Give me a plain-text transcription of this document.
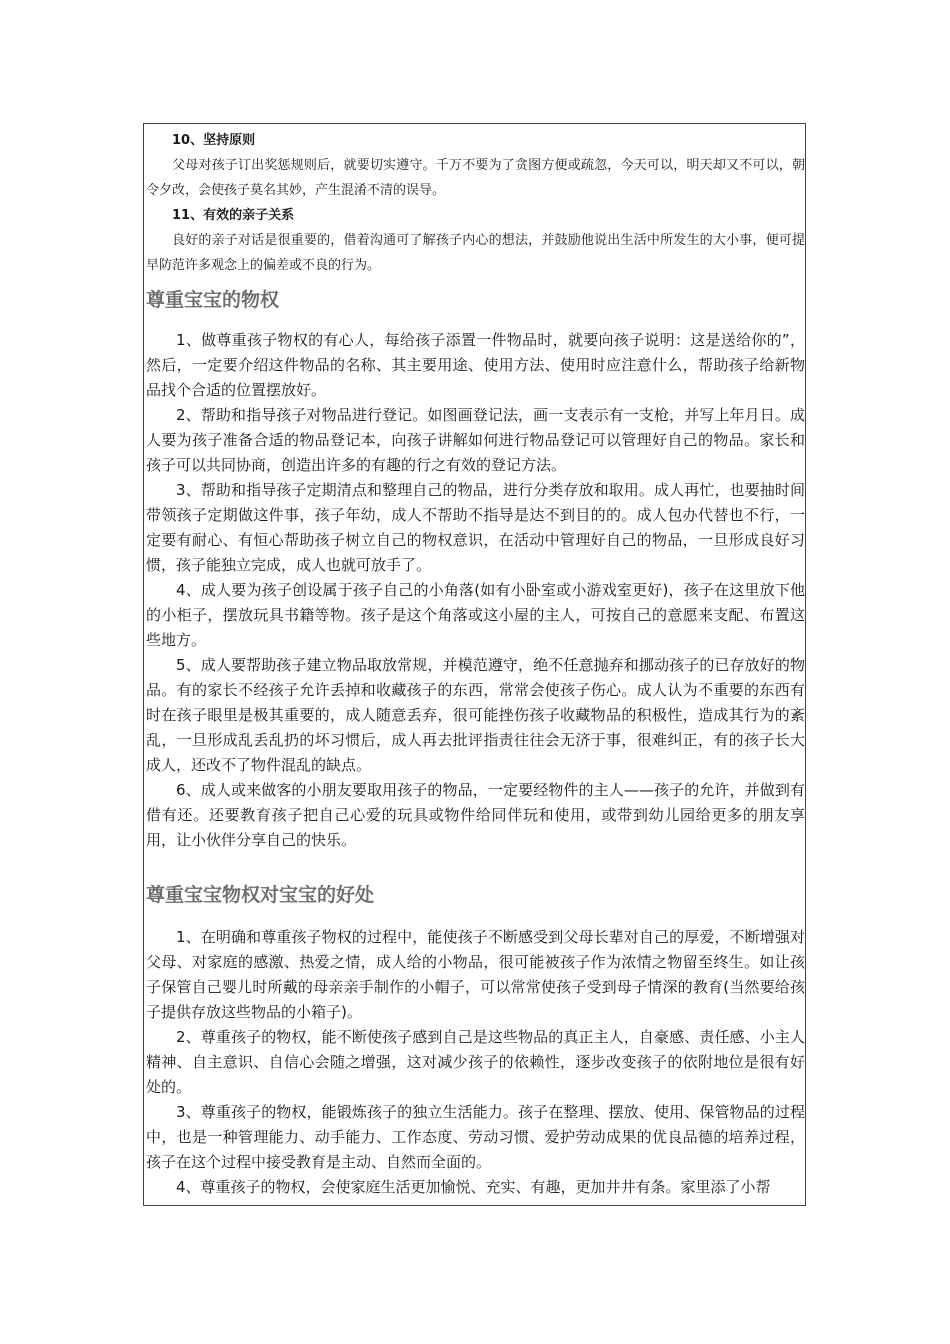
10、坚持原则

父母对孩子订出奖惩规则后，就要切实遵守。千万不要为了贪图方便或疏忽，今天可以，明天却又不可以，朝令夕改，会使孩子莫名其妙，产生混淆不清的误导。

11、有效的亲子关系

良好的亲子对话是很重要的，借着沟通可了解孩子内心的想法，并鼓励他说出生活中所发生的大小事，便可提早防范许多观念上的偏差或不良的行为。

尊重宝宝的物权

1、做尊重孩子物权的有心人，每给孩子添置一件物品时，就要向孩子说明：这是送给你的”，然后，一定要介绍这件物品的名称、其主要用途、使用方法、使用时应注意什么，帮助孩子给新物品找个合适的位置摆放好。

2、帮助和指导孩子对物品进行登记。如图画登记法，画一支表示有一支枪，并写上年月日。成人要为孩子准备合适的物品登记本，向孩子讲解如何进行物品登记可以管理好自己的物品。家长和孩子可以共同协商，创造出许多的有趣的行之有效的登记方法。

3、帮助和指导孩子定期清点和整理自己的物品，进行分类存放和取用。成人再忙，也要抽时间带领孩子定期做这件事，孩子年幼，成人不帮助不指导是达不到目的的。成人包办代替也不行，一定要有耐心、有恒心帮助孩子树立自己的物权意识，在活动中管理好自己的物品，一旦形成良好习惯，孩子能独立完成，成人也就可放手了。

4、成人要为孩子创设属于孩子自己的小角落(如有小卧室或小游戏室更好)，孩子在这里放下他的小柜子，摆放玩具书籍等物。孩子是这个角落或这小屋的主人，可按自己的意愿来支配、布置这些地方。

5、成人要帮助孩子建立物品取放常规，并模范遵守，绝不任意抛弃和挪动孩子的已存放好的物品。有的家长不经孩子允许丢掉和收藏孩子的东西，常常会使孩子伤心。成人认为不重要的东西有时在孩子眼里是极其重要的，成人随意丢弃，很可能挫伤孩子收藏物品的积极性，造成其行为的紊乱，一旦形成乱丢乱扔的坏习惯后，成人再去批评指责往往会无济于事，很难纠正，有的孩子长大成人，还改不了物件混乱的缺点。

6、成人或来做客的小朋友要取用孩子的物品，一定要经物件的主人——孩子的允许，并做到有借有还。还要教育孩子把自己心爱的玩具或物件给同伴玩和使用，或带到幼儿园给更多的朋友享用，让小伙伴分享自己的快乐。

尊重宝宝物权对宝宝的好处

1、在明确和尊重孩子物权的过程中，能使孩子不断感受到父母长辈对自己的厚爱，不断增强对父母、对家庭的感激、热爱之情，成人给的小物品，很可能被孩子作为浓情之物留至终生。如让孩子保管自己婴儿时所戴的母亲亲手制作的小帽子，可以常常使孩子受到母子情深的教育(当然要给孩子提供存放这些物品的小箱子)。

2、尊重孩子的物权，能不断使孩子感到自己是这些物品的真正主人，自豪感、责任感、小主人精神、自主意识、自信心会随之增强，这对减少孩子的依赖性，逐步改变孩子的依附地位是很有好处的。

3、尊重孩子的物权，能锻炼孩子的独立生活能力。孩子在整理、摆放、使用、保管物品的过程中，也是一种管理能力、动手能力、工作态度、劳动习惯、爱护劳动成果的优良品德的培养过程，孩子在这个过程中接受教育是主动、自然而全面的。

4、尊重孩子的物权，会使家庭生活更加愉悦、充实、有趣，更加井井有条。家里添了小帮
